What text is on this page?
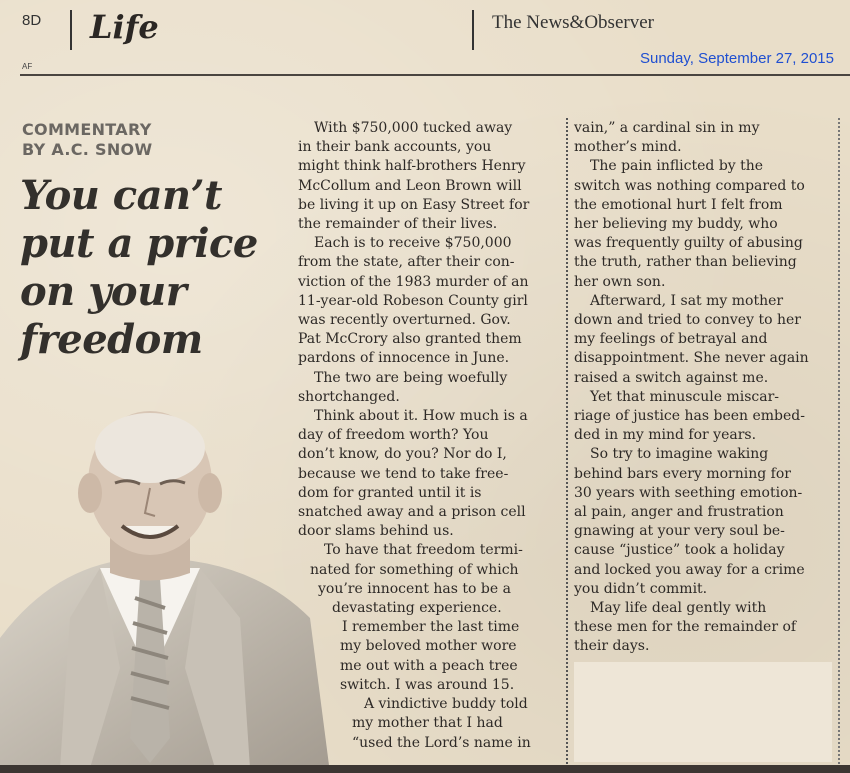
8D Life	The News&Observer
Sunday, September 27, 2015
AF
COMMENTARY
BY A.C. SNOW
You can’t
put a price
on your
freedom
With $750,000 tucked away
in their bank accounts, you
might think half-brothers Henry
McCollum and Leon Brown will
be living it up on Easy Street for
the remainder of their lives.
Each is to receive $750,000
from the state, after their con-
viction of the 1983 murder of an
11-year-old Robeson County girl
was recently overturned. Gov.
Pat McCrory also granted them
pardons of innocence in June.
The two are being woefully
shortchanged.
Think about it. How much is a
day of freedom worth? You
don’t know, do you? Nor do I,
because we tend to take free-
dom for granted until it is
snatched away and a prison cell
door slams behind us.
To have that freedom termi-
nated for something of which
you’re innocent has to be a
devastating experience.
I remember the last time
my beloved mother wore
me out with a peach tree
switch. I was around 15.
A vindictive buddy told
my mother that I had
“used the Lord’s name in
vain,” a cardinal sin in my
mother’s mind.
The pain inflicted by the
switch was nothing compared to
the emotional hurt I felt from
her believing my buddy, who
was frequently guilty of abusing
the truth, rather than believing
her own son.
Afterward, I sat my mother
down and tried to convey to her
my feelings of betrayal and
disappointment. She never again
raised a switch against me.
Yet that minuscule miscar-
riage of justice has been embed-
ded in my mind for years.
So try to imagine waking
behind bars every morning for
30 years with seething emotion-
al pain, anger and frustration
gnawing at your very soul be-
cause “justice” took a holiday
and locked you away for a crime
you didn’t commit.
May life deal gently with
these men for the remainder of
their days.
